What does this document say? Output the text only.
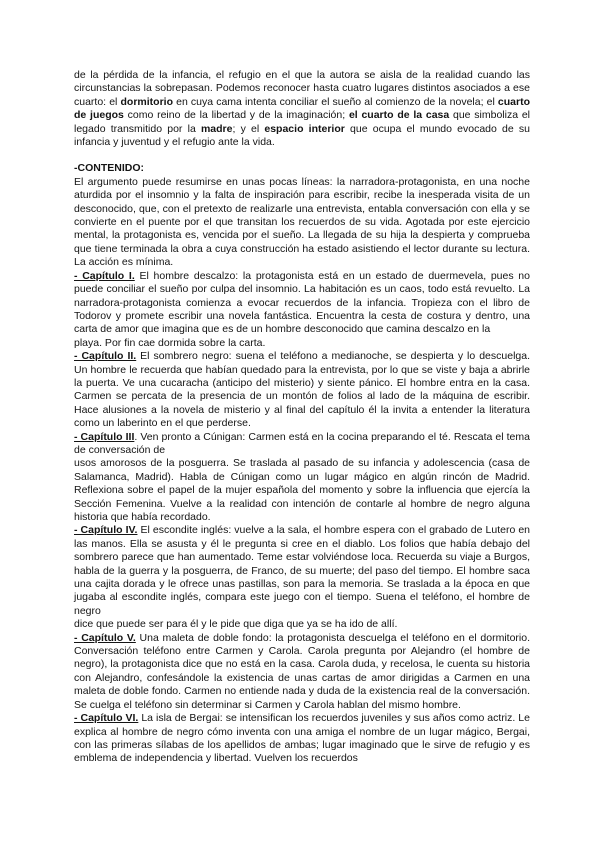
de la pérdida de la infancia, el refugio en el que la autora se aisla de la realidad cuando las circunstancias la sobrepasan. Podemos reconocer hasta cuatro lugares distintos asociados a ese cuarto: el dormitorio en cuya cama intenta conciliar el sueño al comienzo de la novela; el cuarto de juegos como reino de la libertad y de la imaginación; el cuarto de la casa que simboliza el legado transmitido por la madre; y el espacio interior que ocupa el mundo evocado de su infancia y juventud y el refugio ante la vida.

-CONTENIDO:

El argumento puede resumirse en unas pocas líneas: la narradora-protagonista, en una noche aturdida por el insomnio y la falta de inspiración para escribir, recibe la inesperada visita de un desconocido, que, con el pretexto de realizarle una entrevista, entabla conversación con ella y se convierte en el puente por el que transitan los recuerdos de su vida. Agotada por este ejercicio mental, la protagonista es, vencida por el sueño. La llegada de su hija la despierta y comprueba que tiene terminada la obra a cuya construcción ha estado asistiendo el lector durante su lectura. La acción es mínima.

- Capítulo I. El hombre descalzo: la protagonista está en un estado de duermevela, pues no puede conciliar el sueño por culpa del insomnio. La habitación es un caos, todo está revuelto. La narradora-protagonista comienza a evocar recuerdos de la infancia. Tropieza con el libro de Todorov y promete escribir una novela fantástica. Encuentra la cesta de costura y dentro, una carta de amor que imagina que es de un hombre desconocido que camina descalzo en la

playa. Por fin cae dormida sobre la carta.

- Capítulo II. El sombrero negro: suena el teléfono a medianoche, se despierta y lo descuelga. Un hombre le recuerda que habían quedado para la entrevista, por lo que se viste y baja a abrirle la puerta. Ve una cucaracha (anticipo del misterio) y siente pánico. El hombre entra en la casa. Carmen se percata de la presencia de un montón de folios al lado de la máquina de escribir. Hace alusiones a la novela de misterio y al final del capítulo él la invita a entender la literatura como un laberinto en el que perderse.

- Capítulo III. Ven pronto a Cúnigan: Carmen está en la cocina preparando el té. Rescata el tema de conversación de

usos amorosos de la posguerra. Se traslada al pasado de su infancia y adolescencia (casa de Salamanca, Madrid). Habla de Cúnigan como un lugar mágico en algún rincón de Madrid. Reflexiona sobre el papel de la mujer española del momento y sobre la influencia que ejercía la Sección Femenina. Vuelve a la realidad con intención de contarle al hombre de negro alguna historia que había recordado.

- Capítulo IV. El escondite inglés: vuelve a la sala, el hombre espera con el grabado de Lutero en las manos. Ella se asusta y él le pregunta si cree en el diablo. Los folios que había debajo del sombrero parece que han aumentado. Teme estar volviéndose loca. Recuerda su viaje a Burgos, habla de la guerra y la posguerra, de Franco, de su muerte; del paso del tiempo. El hombre saca una cajita dorada y le ofrece unas pastillas, son para la memoria. Se traslada a la época en que jugaba al escondite inglés, compara este juego con el tiempo. Suena el teléfono, el hombre de negro

dice que puede ser para él y le pide que diga que ya se ha ido de allí.

- Capítulo V. Una maleta de doble fondo: la protagonista descuelga el teléfono en el dormitorio. Conversación teléfono entre Carmen y Carola. Carola pregunta por Alejandro (el hombre de negro), la protagonista dice que no está en la casa. Carola duda, y recelosa, le cuenta su historia con Alejandro, confesándole la existencia de unas cartas de amor dirigidas a Carmen en una maleta de doble fondo. Carmen no entiende nada y duda de la existencia real de la conversación. Se cuelga el teléfono sin determinar si Carmen y Carola hablan del mismo hombre.

- Capítulo VI. La isla de Bergai: se intensifican los recuerdos juveniles y sus años como actriz. Le explica al hombre de negro cómo inventa con una amiga el nombre de un lugar mágico, Bergai, con las primeras sílabas de los apellidos de ambas; lugar imaginado que le sirve de refugio y es emblema de independencia y libertad. Vuelven los recuerdos
